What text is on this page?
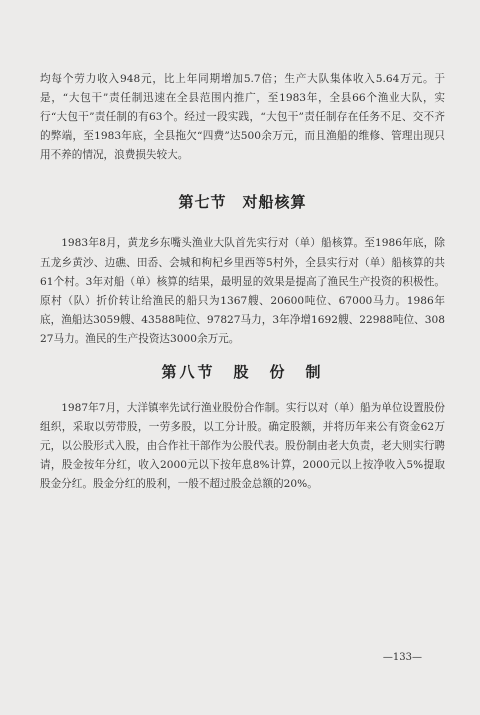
均每个劳力收入948元，比上年同期增加5.7倍；生产大队集体收入5.64万元。于是，“大包干”责任制迅速在全县范围内推广，至1983年，全县66个渔业大队，实行“大包干”责任制的有63个。经过一段实践，“大包干”责任制存在任务不足、交不齐的弊端，至1983年底，全县拖欠“四费”达500余万元，而且渔船的维修、管理出现只用不养的情况，浪费损失较大。

第七节　对船核算

1983年8月，黄龙乡东嘴头渔业大队首先实行对（单）船核算。至1986年底，除五龙乡黄沙、边礁、田岙、会城和枸杞乡里西等5村外，全县实行对（单）船核算的共61个村。3年对船（单）核算的结果，最明显的效果是提高了渔民生产投资的积极性。原村（队）折价转让给渔民的船只为1367艘、20600吨位、67000马力。1986年底，渔船达3059艘、43588吨位、97827马力，3年净增1692艘、22988吨位、30827马力。渔民的生产投资达3000余万元。

第八节　股　份　制

1987年7月，大洋镇率先试行渔业股份合作制。实行以对（单）船为单位设置股份组织，采取以劳带股，一劳多股，以工分计股。确定股额，并将历年来公有资金62万元，以公股形式入股，由合作社干部作为公股代表。股份制由老大负责，老大则实行聘请，股金按年分红，收入2000元以下按年息8%计算，2000元以上按净收入5%提取股金分红。股金分红的股利，一般不超过股金总额的20%。

—133—
